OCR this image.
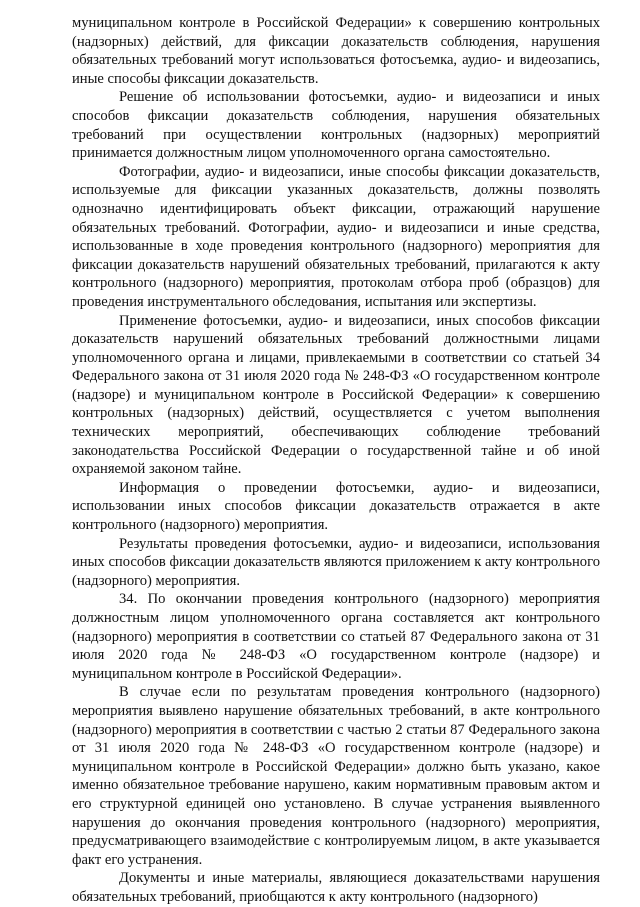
муниципальном контроле в Российской Федерации» к совершению контрольных (надзорных) действий, для фиксации доказательств соблюдения, нарушения обязательных требований могут использоваться фотосъемка, аудио- и видеозапись, иные способы фиксации доказательств.

Решение об использовании фотосъемки, аудио- и видеозаписи и иных способов фиксации доказательств соблюдения, нарушения обязательных требований при осуществлении контрольных (надзорных) мероприятий принимается должностным лицом уполномоченного органа самостоятельно.

Фотографии, аудио- и видеозаписи, иные способы фиксации доказательств, используемые для фиксации указанных доказательств, должны позволять однозначно идентифицировать объект фиксации, отражающий нарушение обязательных требований. Фотографии, аудио- и видеозаписи и иные средства, использованные в ходе проведения контрольного (надзорного) мероприятия для фиксации доказательств нарушений обязательных требований, прилагаются к акту контрольного (надзорного) мероприятия, протоколам отбора проб (образцов) для проведения инструментального обследования, испытания или экспертизы.

Применение фотосъемки, аудио- и видеозаписи, иных способов фиксации доказательств нарушений обязательных требований должностными лицами уполномоченного органа и лицами, привлекаемыми в соответствии со статьей 34 Федерального закона от 31 июля 2020 года № 248-ФЗ «О государственном контроле (надзоре) и муниципальном контроле в Российской Федерации» к совершению контрольных (надзорных) действий, осуществляется с учетом выполнения технических мероприятий, обеспечивающих соблюдение требований законодательства Российской Федерации о государственной тайне и об иной охраняемой законом тайне.

Информация о проведении фотосъемки, аудио- и видеозаписи, использовании иных способов фиксации доказательств отражается в акте контрольного (надзорного) мероприятия.

Результаты проведения фотосъемки, аудио- и видеозаписи, использования иных способов фиксации доказательств являются приложением к акту контрольного (надзорного) мероприятия.

34. По окончании проведения контрольного (надзорного) мероприятия должностным лицом уполномоченного органа составляется акт контрольного (надзорного) мероприятия в соответствии со статьей 87 Федерального закона от 31 июля 2020 года № 248-ФЗ «О государственном контроле (надзоре) и муниципальном контроле в Российской Федерации».

В случае если по результатам проведения контрольного (надзорного) мероприятия выявлено нарушение обязательных требований, в акте контрольного (надзорного) мероприятия в соответствии с частью 2 статьи 87 Федерального закона от 31 июля 2020 года № 248-ФЗ «О государственном контроле (надзоре) и муниципальном контроле в Российской Федерации» должно быть указано, какое именно обязательное требование нарушено, каким нормативным правовым актом и его структурной единицей оно установлено. В случае устранения выявленного нарушения до окончания проведения контрольного (надзорного) мероприятия, предусматривающего взаимодействие с контролируемым лицом, в акте указывается факт его устранения.

Документы и иные материалы, являющиеся доказательствами нарушения обязательных требований, приобщаются к акту контрольного (надзорного)
